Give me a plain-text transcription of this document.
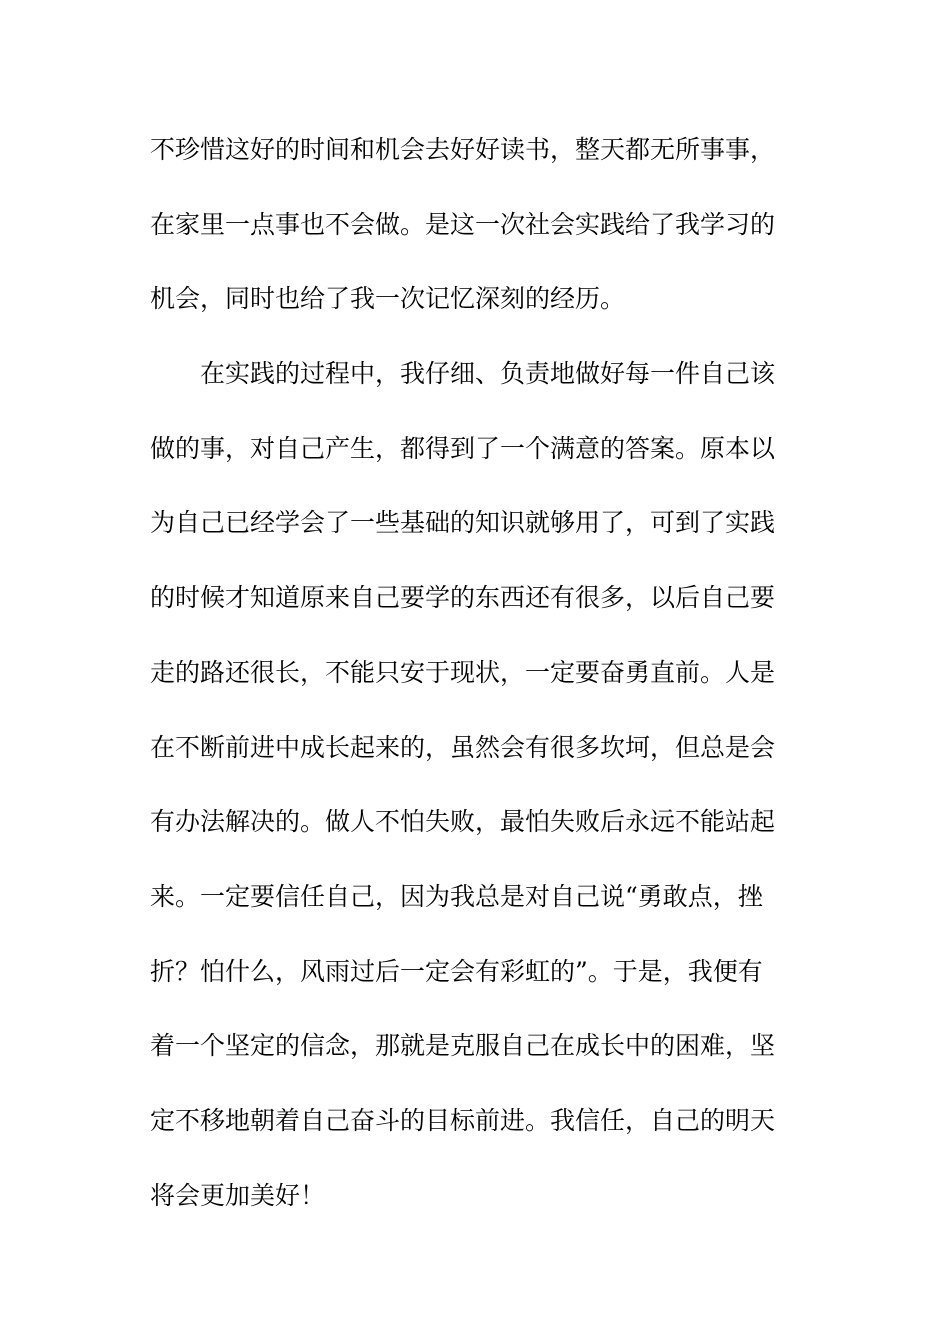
不珍惜这好的时间和机会去好好读书，整天都无所事事，
在家里一点事也不会做。是这一次社会实践给了我学习的
机会，同时也给了我一次记忆深刻的经历。
在实践的过程中，我仔细、负责地做好每一件自己该
做的事，对自己产生，都得到了一个满意的答案。原本以
为自己已经学会了一些基础的知识就够用了，可到了实践
的时候才知道原来自己要学的东西还有很多，以后自己要
走的路还很长，不能只安于现状，一定要奋勇直前。人是
在不断前进中成长起来的，虽然会有很多坎坷，但总是会
有办法解决的。做人不怕失败，最怕失败后永远不能站起
来。一定要信任自己，因为我总是对自己说“勇敢点，挫
折？怕什么，风雨过后一定会有彩虹的”。于是，我便有
着一个坚定的信念，那就是克服自己在成长中的困难，坚
定不移地朝着自己奋斗的目标前进。我信任，自己的明天
将会更加美好！
